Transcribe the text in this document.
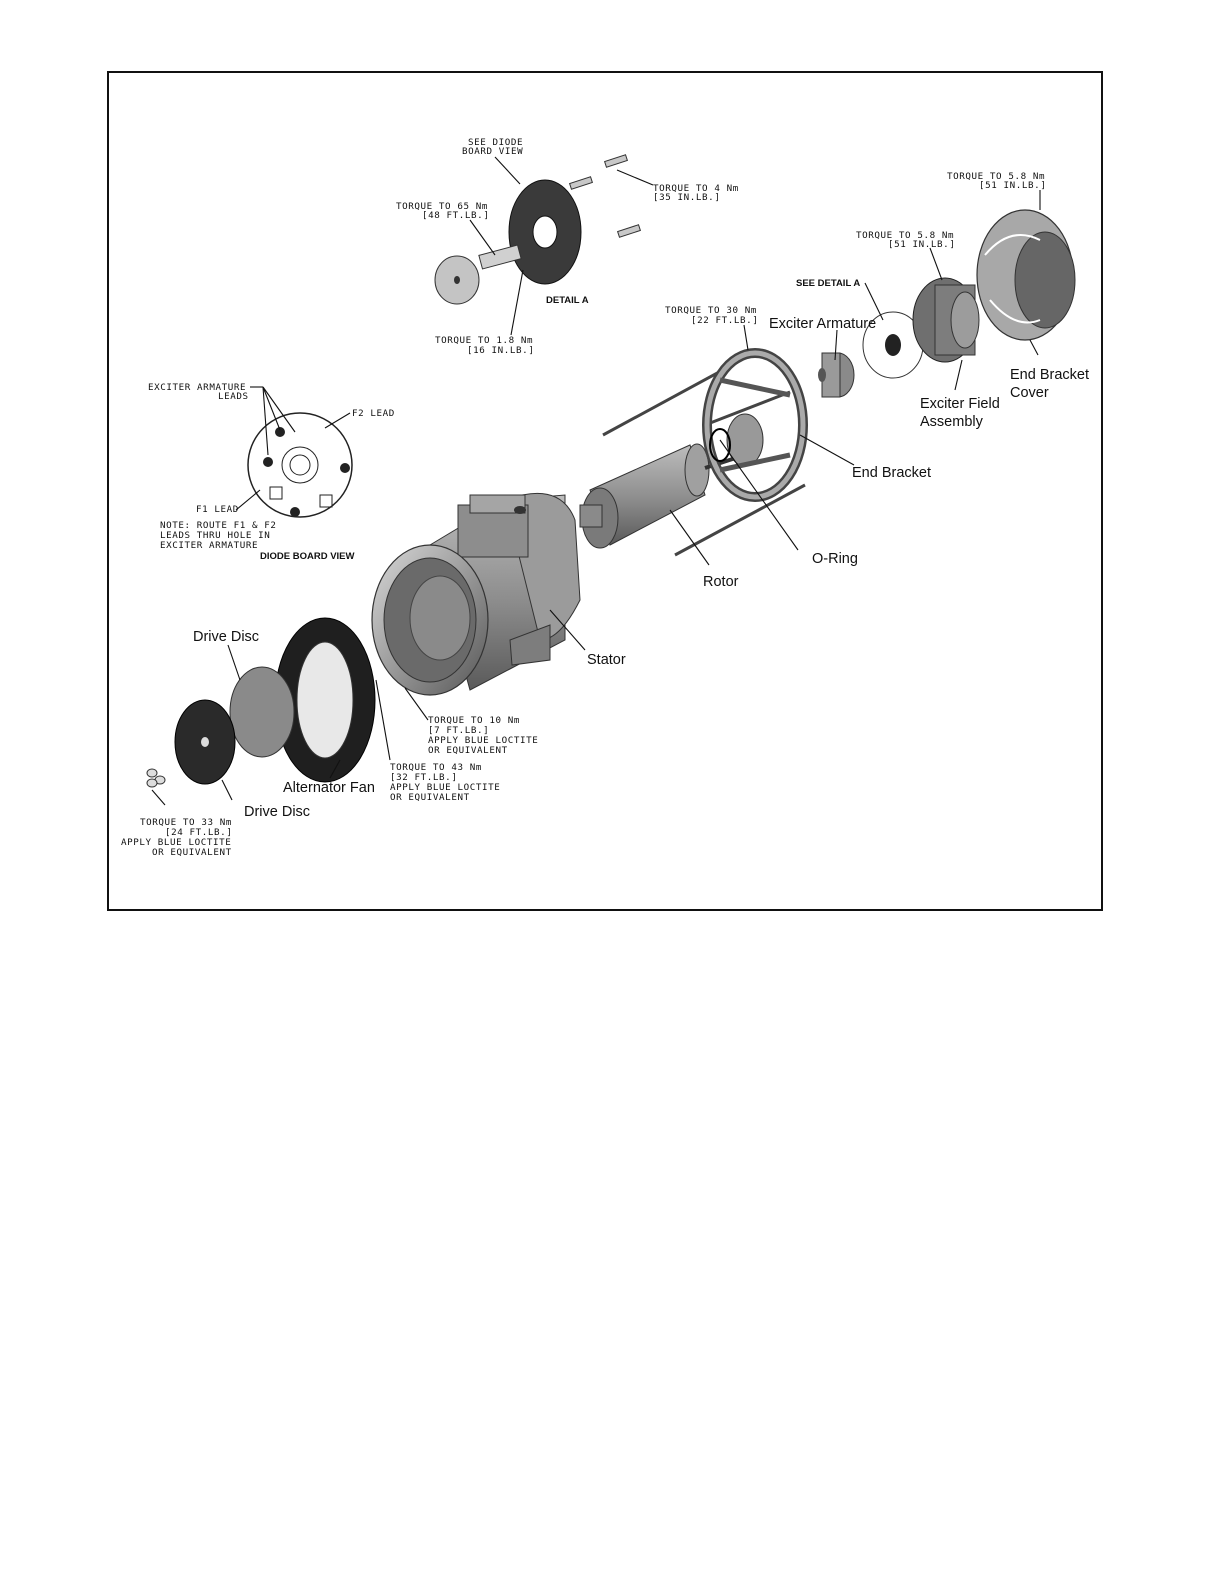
Exciter Armature
End Bracket
Cover
Exciter Field
Assembly
End Bracket
O-Ring
Rotor
Stator
Drive Disc
Alternator Fan
Drive Disc
SEE DIODE
BOARD VIEW
TORQUE TO 4 Nm
[35 IN.LB.]
TORQUE TO 65 Nm
[48 FT.LB.]
DETAIL A
TORQUE TO 1.8 Nm
[16 IN.LB.]
TORQUE TO 5.8 Nm
[51 IN.LB.]
TORQUE TO 5.8 Nm
[51 IN.LB.]
SEE DETAIL A
TORQUE TO 30 Nm
[22 FT.LB.]
EXCITER ARMATURE
LEADS
F2 LEAD
F1 LEAD
NOTE: ROUTE F1 & F2
LEADS THRU HOLE IN
EXCITER ARMATURE
DIODE BOARD VIEW
TORQUE TO 10 Nm
[7 FT.LB.]
APPLY BLUE LOCTITE
OR EQUIVALENT
TORQUE TO 43 Nm
[32 FT.LB.]
APPLY BLUE LOCTITE
OR EQUIVALENT
TORQUE TO 33 Nm
[24 FT.LB.]
APPLY BLUE LOCTITE
OR EQUIVALENT
